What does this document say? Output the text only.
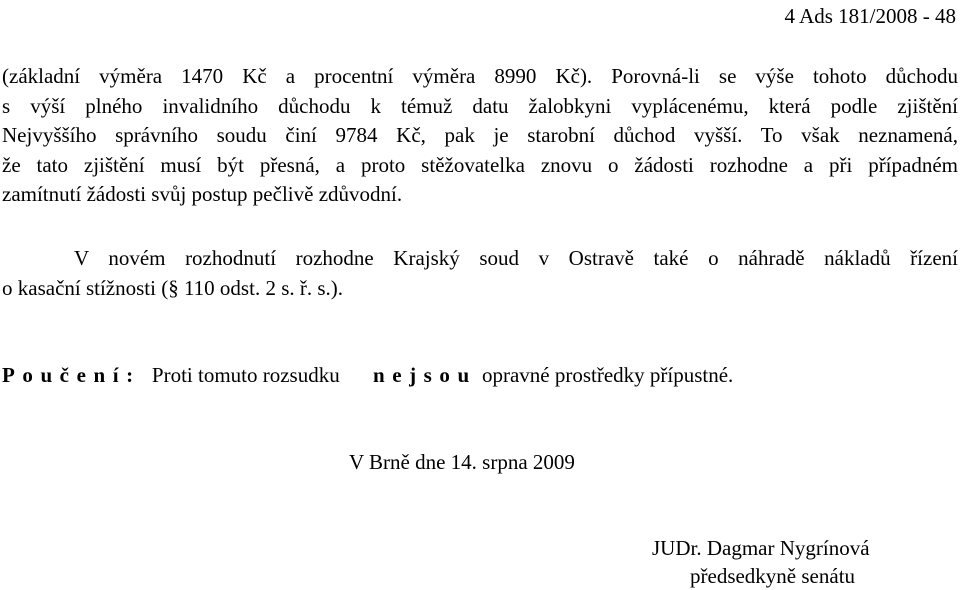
4 Ads 181/2008 - 48
(základní výměra 1470 Kč a procentní výměra 8990 Kč). Porovná-li se výše tohoto důchodu
s výší plného invalidního důchodu k témuž datu žalobkyni vyplácenému, která podle zjištění
Nejvyššího správního soudu činí 9784 Kč, pak je starobní důchod vyšší. To však neznamená,
že tato zjištění musí být přesná, a proto stěžovatelka znovu o žádosti rozhodne a při případném
zamítnutí žádosti svůj postup pečlivě zdůvodní.
V novém rozhodnutí rozhodne Krajský soud v Ostravě také o náhradě nákladů řízení
o kasační stížnosti (§ 110 odst. 2 s. ř. s.).
Poučení: Proti tomuto rozsudku nejsou opravné prostředky přípustné.
V Brně dne 14. srpna 2009
JUDr. Dagmar Nygrínová
předsedkyně senátu
